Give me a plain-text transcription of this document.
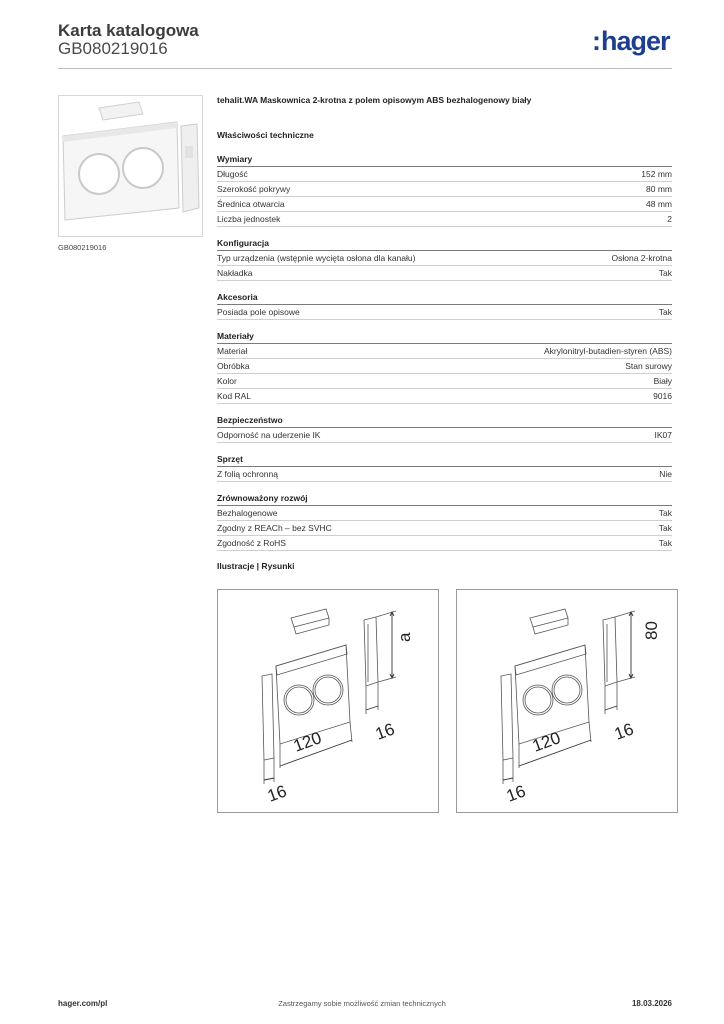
Karta katalogowa
GB080219016	:hager
GB080219016
tehalit.WA Maskownica 2-krotna z polem opisowym ABS bezhalogenowy biały
Właściwości techniczne
Wymiary
Długość	152 mm
Szerokość pokrywy	80 mm
Średnica otwarcia	48 mm
Liczba jednostek	2
Konfiguracja
Typ urządzenia (wstępnie wycięta osłona dla kanału)	Osłona 2-krotna
Nakładka	Tak
Akcesoria
Posiada pole opisowe	Tak
Materiały
Materiał	Akrylonitryl-butadien-styren (ABS)
Obróbka	Stan surowy
Kolor	Biały
Kod RAL	9016
Bezpieczeństwo
Odporność na uderzenie IK	IK07
Sprzęt
Z folią ochronną	Nie
Zrównoważony rozwój
Bezhalogenowe	Tak
Zgodny z REACh – bez SVHC	Tak
Zgodność z RoHS	Tak
Ilustracje | Rysunki
a
120	16
16
80
120	16
16
hager.com/pl	Zastrzegamy sobie możliwość zmian technicznych	18.03.2026
